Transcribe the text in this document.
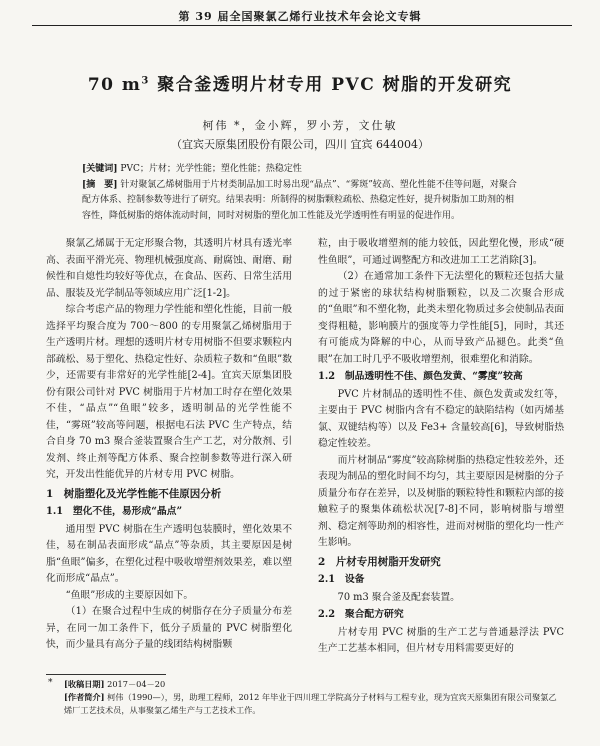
第 39 届全国聚氯乙烯行业技术年会论文专辑
70 $m^3$ 聚合釜透明片材专用 PVC 树脂的开发研究
柯伟 *，金小辉，罗小芳，文仕敏
（宜宾天原集团股份有限公司，四川 宜宾 644004）
[关键词] PVC；片材；光学性能；塑化性能；热稳定性
[摘　要] 针对聚氯乙烯树脂用于片材类制品加工时易出现“晶点”、“雾斑”较高、塑化性能不佳等问题，对聚合配方体系、控制参数等进行了研究。结果表明：所制得的树脂颗粒疏松、热稳定性好，提升树脂加工助剂的相容性，降低树脂的熔体流动时间，同时对树脂的塑化加工性能及光学透明性有明显的促进作用。

聚氯乙烯属于无定形聚合物，其透明片材具有透光率高、表面平滑光亮、物理机械强度高、耐腐蚀、耐磨、耐候性和自熄性均较好等优点，在食品、医药、日常生活用品、服装及光学制品等领域应用广泛[1-2]。

综合考虑产品的物理力学性能和塑化性能，目前一般选择平均聚合度为 700～800 的专用聚氯乙烯树脂用于生产透明片材。理想的透明片材专用树脂不但要求颗粒内部疏松、易于塑化、热稳定性好、杂质粒子数和“鱼眼”数少，还需要有非常好的光学性能[2-4]。宜宾天原集团股份有限公司针对 PVC 树脂用于片材加工时存在塑化效果不佳，“晶点”“鱼眼”较多，透明制品的光学性能不佳，“雾斑”较高等问题，根据电石法 PVC 生产特点，结合自身 70 m3 聚合釜装置聚合生产工艺，对分散剂、引发剂、终止剂等配方体系、聚合控制参数等进行深入研究，开发出性能优异的片材专用 PVC 树脂。

1　树脂塑化及光学性能不佳原因分析
1.1　塑化不佳，易形成“晶点”

通用型 PVC 树脂在生产透明包装膜时，塑化效果不佳，易在制品表面形成“晶点”等杂质，其主要原因是树脂“鱼眼”偏多，在塑化过程中吸收增塑剂效果差，难以塑化而形成“晶点”。

“鱼眼”形成的主要原因如下。

（1）在聚合过程中生成的树脂存在分子质量分布差异，在同一加工条件下，低分子质量的 PVC 树脂塑化快，而少量具有高分子量的线团结构树脂颗

粒，由于吸收增塑剂的能力较低，因此塑化慢，形成“硬性鱼眼”，可通过调整配方和改进加工工艺消除[3]。

（2）在通常加工条件下无法塑化的颗粒还包括大量的过于紧密的球状结构树脂颗粒，以及二次聚合形成的“鱼眼”和不塑化物，此类未塑化物质过多会使制品表面变得粗糙，影响膜片的强度等力学性能[5]，同时，其还有可能成为降解的中心，从而导致产品褪色。此类“鱼眼”在加工时几乎不吸收增塑剂，很难塑化和消除。

1.2　制品透明性不佳、颜色发黄、“雾度”较高

PVC 片材制品的透明性不佳、颜色发黄或发红等，主要由于 PVC 树脂内含有不稳定的缺陷结构（如丙烯基氯、双键结构等）以及 Fe3+ 含量较高[6]，导致树脂热稳定性较差。

而片材制品“雾度”较高除树脂的热稳定性较差外，还表现为制品的塑化时间不均匀，其主要原因是树脂的分子质量分布存在差异，以及树脂的颗粒特性和颗粒内部的接触粒子的聚集体疏松状况[7-8]不同，影响树脂与增塑剂、稳定剂等助剂的相容性，进而对树脂的塑化均一性产生影响。

2　片材专用树脂开发研究
2.1　设备

70 m3 聚合釜及配套装置。

2.2　聚合配方研究

片材专用 PVC 树脂的生产工艺与普通悬浮法 PVC 生产工艺基本相同，但片材专用料需要更好的

* [收稿日期] 2017－04－20
[作者简介] 柯伟（1990—），男，助理工程师，2012 年毕业于四川理工学院高分子材料与工程专业，现为宜宾天原集团有限公司聚氯乙烯厂工艺技术员，从事聚氯乙烯生产与工艺技术工作。
